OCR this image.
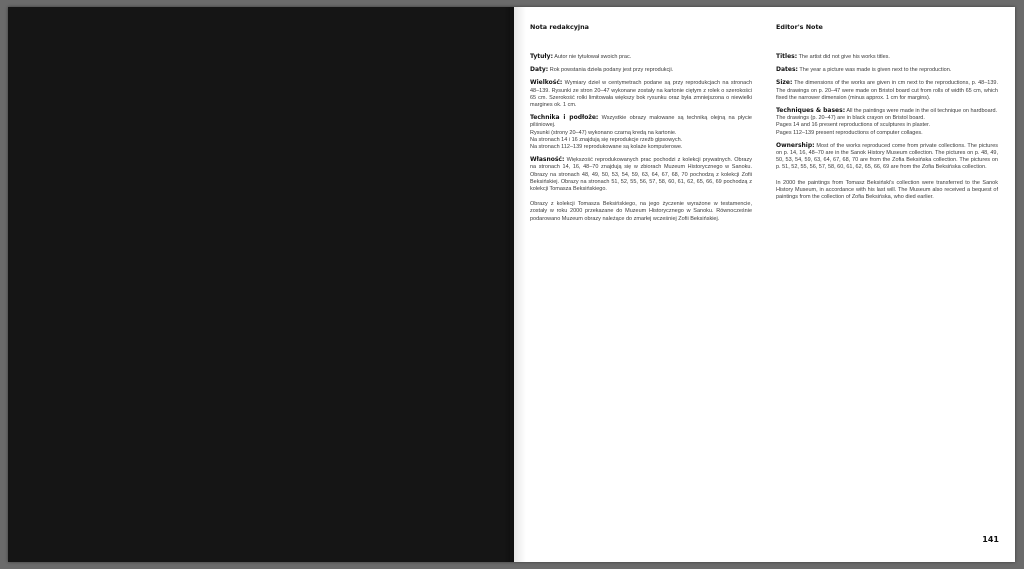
Nota redakcyjna

Tytuły: Autor nie tytułował swoich prac.

Daty: Rok powstania dzieła podany jest przy reprodukcji.

Wielkość: Wymiary dzieł w centymetrach podane są przy reprodukcjach na stronach 48–139. Rysunki ze stron 20–47 wykonane zostały na kartonie ciętym z rolek o szerokości 65 cm. Szerokość rolki limitowała większy bok rysunku oraz była zmniejszona o niewielki margines ok. 1 cm.

Technika i podłoże: Wszystkie obrazy malowane są techniką olejną na płycie pilśniowej.
Rysunki (strony 20–47) wykonano czarną kredą na kartonie.
Na stronach 14 i 16 znajdują się reprodukcje rzeźb gipsowych.
Na stronach 112–139 reprodukowane są kolaże komputerowe.

Własność: Większość reprodukowanych prac pochodzi z kolekcji prywatnych. Obrazy na stronach 14, 16, 48–70 znajdują się w zbiorach Muzeum Historycznego w Sanoku. Obrazy na stronach 48, 49, 50, 53, 54, 59, 63, 64, 67, 68, 70 pochodzą z kolekcji Zofii Beksińskiej. Obrazy na stronach 51, 52, 55, 56, 57, 58, 60, 61, 62, 65, 66, 69 pochodzą z kolekcji Tomasza Beksińskiego.

Obrazy z kolekcji Tomasza Beksińskiego, na jego życzenie wyrażone w testamencie, zostały w roku 2000 przekazane do Muzeum Historycznego w Sanoku. Równocześnie podarowano Muzeum obrazy należące do zmarłej wcześniej Zofii Beksińskiej.

Editor's Note

Titles: The artist did not give his works titles.

Dates: The year a picture was made is given next to the reproduction.

Size: The dimensions of the works are given in cm next to the reproductions, p. 48–139. The drawings on p. 20–47 were made on Bristol board cut from rolls of width 65 cm, which fixed the narrower dimension (minus approx. 1 cm for margins).

Techniques & bases: All the paintings were made in the oil technique on hardboard.
The drawings (p. 20–47) are in black crayon on Bristol board.
Pages 14 and 16 present reproductions of sculptures in plaster.
Pages 112–139 present reproductions of computer collages.

Ownership: Most of the works reproduced come from private collections. The pictures on p. 14, 16, 48–70 are in the Sanok History Museum collection. The pictures on p. 48, 49, 50, 53, 54, 59, 63, 64, 67, 68, 70 are from the Zofia Beksińska collection. The pictures on p. 51, 52, 55, 56, 57, 58, 60, 61, 62, 65, 66, 69 are from the Zofia Beksińska collection.

In 2000 the paintings from Tomasz Beksiński's collection were transferred to the Sanok History Museum, in accordance with his last will. The Museum also received a bequest of paintings from the collection of Zofia Beksińska, who died earlier.

141
